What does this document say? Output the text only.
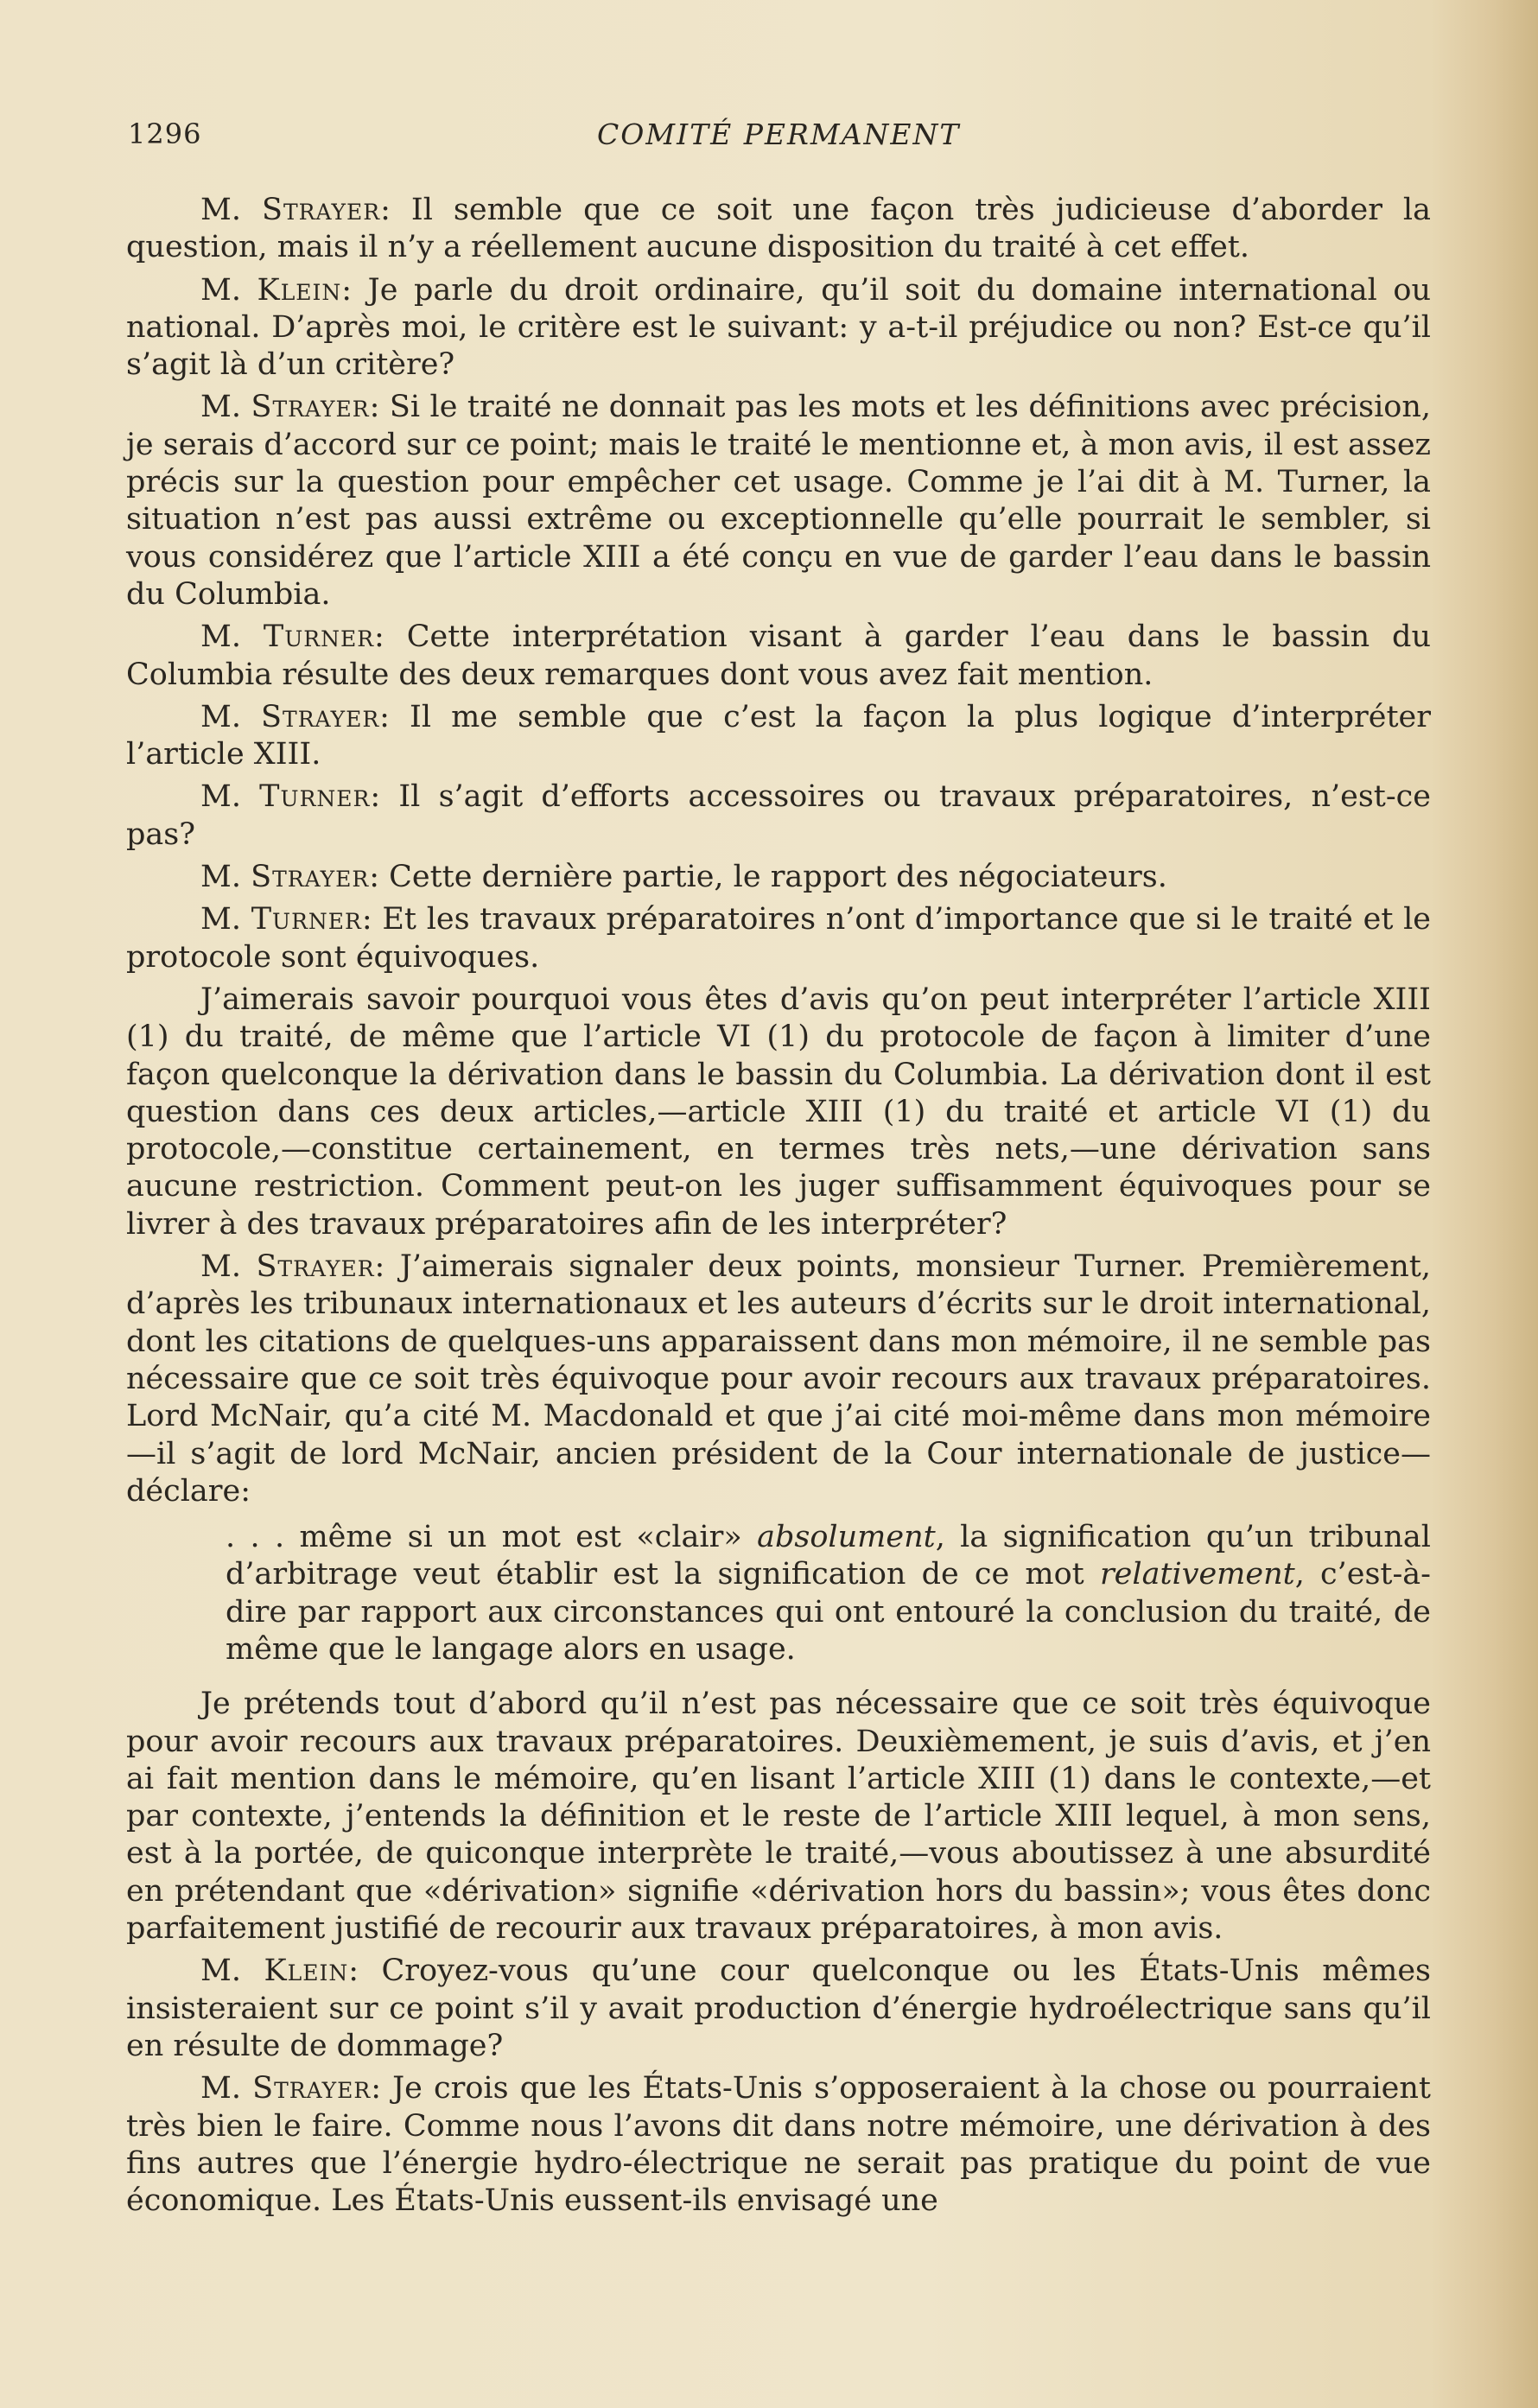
1296	COMITÉ PERMANENT

M. Strayer: Il semble que ce soit une façon très judicieuse d’aborder la question, mais il n’y a réellement aucune disposition du traité à cet effet.

M. Klein: Je parle du droit ordinaire, qu’il soit du domaine international ou national. D’après moi, le critère est le suivant: y a-t-il préjudice ou non? Est-ce qu’il s’agit là d’un critère?

M. Strayer: Si le traité ne donnait pas les mots et les définitions avec précision, je serais d’accord sur ce point; mais le traité le mentionne et, à mon avis, il est assez précis sur la question pour empêcher cet usage. Comme je l’ai dit à M. Turner, la situation n’est pas aussi extrême ou exceptionnelle qu’elle pourrait le sembler, si vous considérez que l’article XIII a été conçu en vue de garder l’eau dans le bassin du Columbia.

M. Turner: Cette interprétation visant à garder l’eau dans le bassin du Columbia résulte des deux remarques dont vous avez fait mention.

M. Strayer: Il me semble que c’est la façon la plus logique d’interpréter l’article XIII.

M. Turner: Il s’agit d’efforts accessoires ou travaux préparatoires, n’est-ce pas?

M. Strayer: Cette dernière partie, le rapport des négociateurs.

M. Turner: Et les travaux préparatoires n’ont d’importance que si le traité et le protocole sont équivoques.

J’aimerais savoir pourquoi vous êtes d’avis qu’on peut interpréter l’article XIII (1) du traité, de même que l’article VI (1) du protocole de façon à limiter d’une façon quelconque la dérivation dans le bassin du Columbia. La dérivation dont il est question dans ces deux articles,—article XIII (1) du traité et article VI (1) du protocole,—constitue certainement, en termes très nets,—une dérivation sans aucune restriction. Comment peut-on les juger suffisamment équivoques pour se livrer à des travaux préparatoires afin de les interpréter?

M. Strayer: J’aimerais signaler deux points, monsieur Turner. Premièrement, d’après les tribunaux internationaux et les auteurs d’écrits sur le droit international, dont les citations de quelques-uns apparaissent dans mon mémoire, il ne semble pas nécessaire que ce soit très équivoque pour avoir recours aux travaux préparatoires. Lord McNair, qu’a cité M. Macdonald et que j’ai cité moi-même dans mon mémoire—il s’agit de lord McNair, ancien président de la Cour internationale de justice—déclare:

. . . même si un mot est «clair» absolument, la signification qu’un tribunal d’arbitrage veut établir est la signification de ce mot relativement, c’est-à-dire par rapport aux circonstances qui ont entouré la conclusion du traité, de même que le langage alors en usage.

Je prétends tout d’abord qu’il n’est pas nécessaire que ce soit très équivoque pour avoir recours aux travaux préparatoires. Deuxièmement, je suis d’avis, et j’en ai fait mention dans le mémoire, qu’en lisant l’article XIII (1) dans le contexte,—et par contexte, j’entends la définition et le reste de l’article XIII lequel, à mon sens, est à la portée, de quiconque interprète le traité,—vous aboutissez à une absurdité en prétendant que «dérivation» signifie «dérivation hors du bassin»; vous êtes donc parfaitement justifié de recourir aux travaux préparatoires, à mon avis.

M. Klein: Croyez-vous qu’une cour quelconque ou les États-Unis mêmes insisteraient sur ce point s’il y avait production d’énergie hydroélectrique sans qu’il en résulte de dommage?

M. Strayer: Je crois que les États-Unis s’opposeraient à la chose ou pourraient très bien le faire. Comme nous l’avons dit dans notre mémoire, une dérivation à des fins autres que l’énergie hydro-électrique ne serait pas pratique du point de vue économique. Les États-Unis eussent-ils envisagé une
